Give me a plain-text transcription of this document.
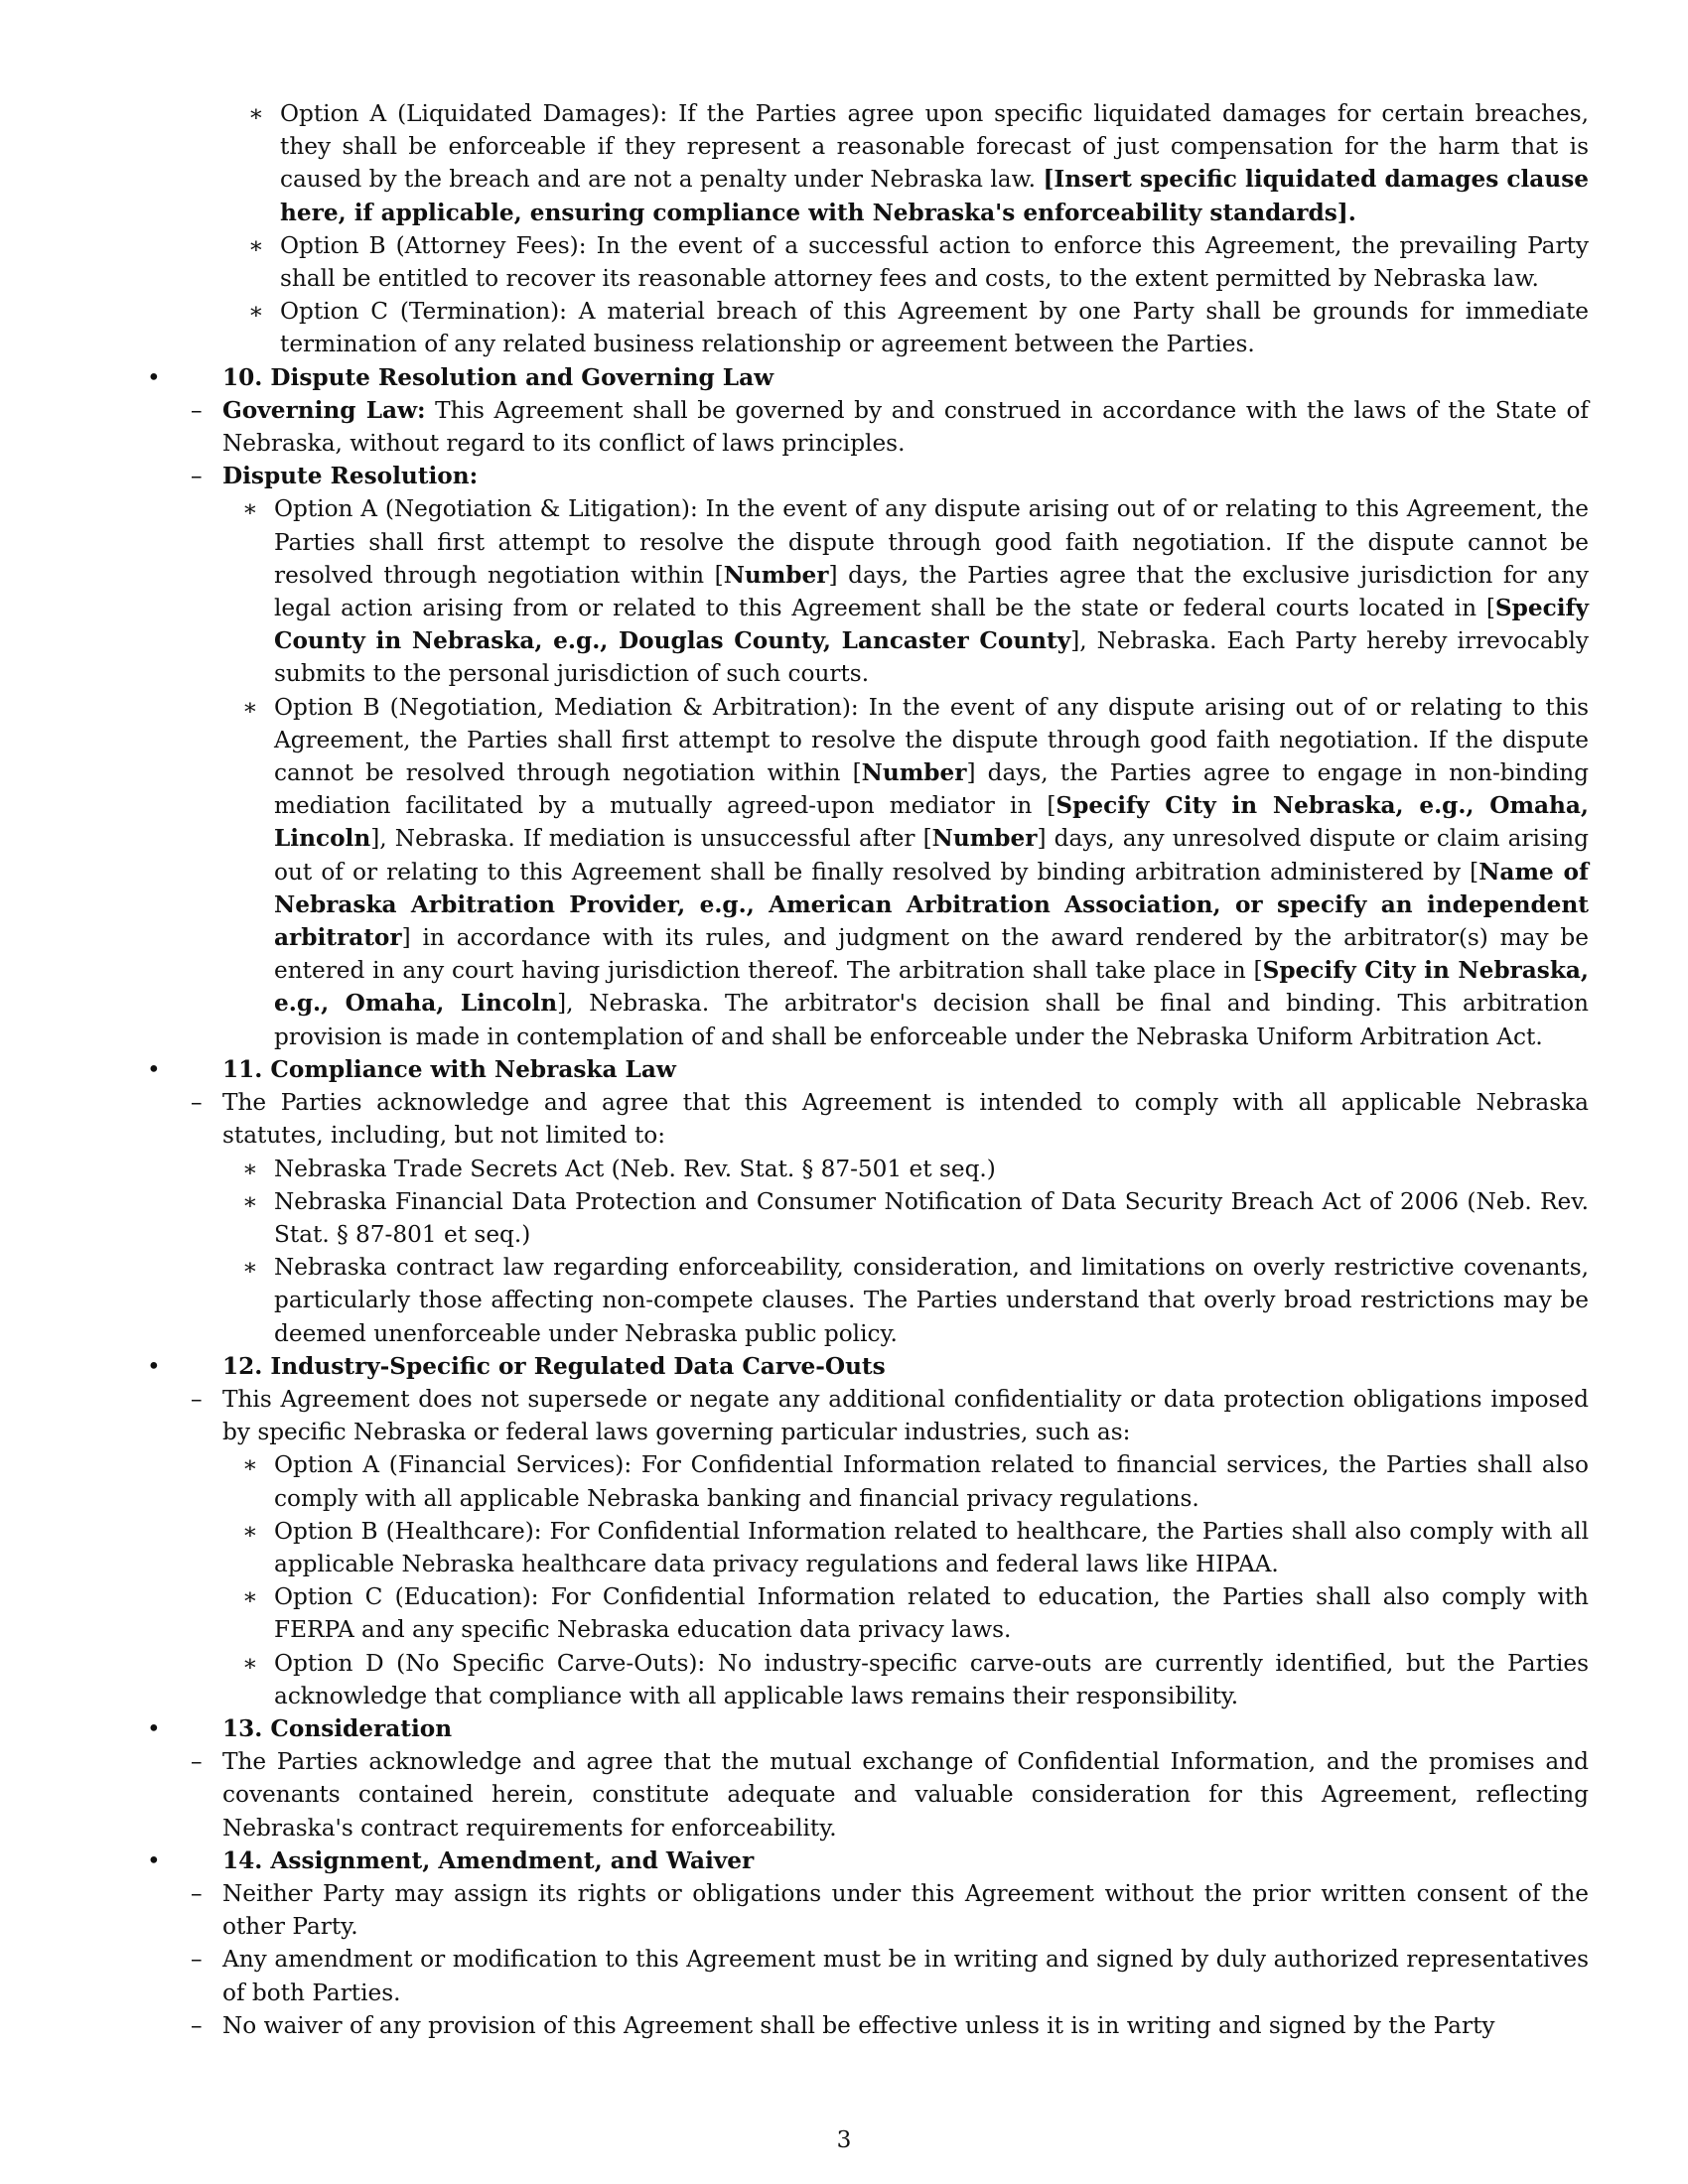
∗ Option A (Liquidated Damages): If the Parties agree upon specific liquidated damages for certain breaches, they shall be enforceable if they represent a reasonable forecast of just compensation for the harm that is caused by the breach and are not a penalty under Nebraska law. [Insert specific liquidated damages clause here, if applicable, ensuring compliance with Nebraska's enforceability standards].
∗ Option B (Attorney Fees): In the event of a successful action to enforce this Agreement, the prevailing Party shall be entitled to recover its reasonable attorney fees and costs, to the extent permitted by Nebraska law.
∗ Option C (Termination): A material breach of this Agreement by one Party shall be grounds for immediate termination of any related business relationship or agreement between the Parties.
•	10. Dispute Resolution and Governing Law
– Governing Law: This Agreement shall be governed by and construed in accordance with the laws of the State of Nebraska, without regard to its conflict of laws principles.
– Dispute Resolution:
∗ Option A (Negotiation & Litigation): In the event of any dispute arising out of or relating to this Agreement, the Parties shall first attempt to resolve the dispute through good faith negotiation. If the dispute cannot be resolved through negotiation within [Number] days, the Parties agree that the exclusive jurisdiction for any legal action arising from or related to this Agreement shall be the state or federal courts located in [Specify County in Nebraska, e.g., Douglas County, Lancaster County], Nebraska. Each Party hereby irrevocably submits to the personal jurisdiction of such courts.
∗ Option B (Negotiation, Mediation & Arbitration): In the event of any dispute arising out of or relating to this Agreement, the Parties shall first attempt to resolve the dispute through good faith negotiation. If the dispute cannot be resolved through negotiation within [Number] days, the Parties agree to engage in non-binding mediation facilitated by a mutually agreed-upon mediator in [Specify City in Nebraska, e.g., Omaha, Lincoln], Nebraska. If mediation is unsuccessful after [Number] days, any unresolved dispute or claim arising out of or relating to this Agreement shall be finally resolved by binding arbitration administered by [Name of Nebraska Arbitration Provider, e.g., American Arbitration Association, or specify an independent arbitrator] in accordance with its rules, and judgment on the award rendered by the arbitrator(s) may be entered in any court having jurisdiction thereof. The arbitration shall take place in [Specify City in Nebraska, e.g., Omaha, Lincoln], Nebraska. The arbitrator's decision shall be final and binding. This arbitration provision is made in contemplation of and shall be enforceable under the Nebraska Uniform Arbitration Act.
•	11. Compliance with Nebraska Law
– The Parties acknowledge and agree that this Agreement is intended to comply with all applicable Nebraska statutes, including, but not limited to:
∗ Nebraska Trade Secrets Act (Neb. Rev. Stat. § 87-501 et seq.)
∗ Nebraska Financial Data Protection and Consumer Notification of Data Security Breach Act of 2006 (Neb. Rev. Stat. § 87-801 et seq.)
∗ Nebraska contract law regarding enforceability, consideration, and limitations on overly restrictive covenants, particularly those affecting non-compete clauses. The Parties understand that overly broad restrictions may be deemed unenforceable under Nebraska public policy.
•	12. Industry-Specific or Regulated Data Carve-Outs
– This Agreement does not supersede or negate any additional confidentiality or data protection obligations imposed by specific Nebraska or federal laws governing particular industries, such as:
∗ Option A (Financial Services): For Confidential Information related to financial services, the Parties shall also comply with all applicable Nebraska banking and financial privacy regulations.
∗ Option B (Healthcare): For Confidential Information related to healthcare, the Parties shall also comply with all applicable Nebraska healthcare data privacy regulations and federal laws like HIPAA.
∗ Option C (Education): For Confidential Information related to education, the Parties shall also comply with FERPA and any specific Nebraska education data privacy laws.
∗ Option D (No Specific Carve-Outs): No industry-specific carve-outs are currently identified, but the Parties acknowledge that compliance with all applicable laws remains their responsibility.
•	13. Consideration
– The Parties acknowledge and agree that the mutual exchange of Confidential Information, and the promises and covenants contained herein, constitute adequate and valuable consideration for this Agreement, reflecting Nebraska's contract requirements for enforceability.
•	14. Assignment, Amendment, and Waiver
– Neither Party may assign its rights or obligations under this Agreement without the prior written consent of the other Party.
– Any amendment or modification to this Agreement must be in writing and signed by duly authorized representatives of both Parties.
– No waiver of any provision of this Agreement shall be effective unless it is in writing and signed by the Party
3
